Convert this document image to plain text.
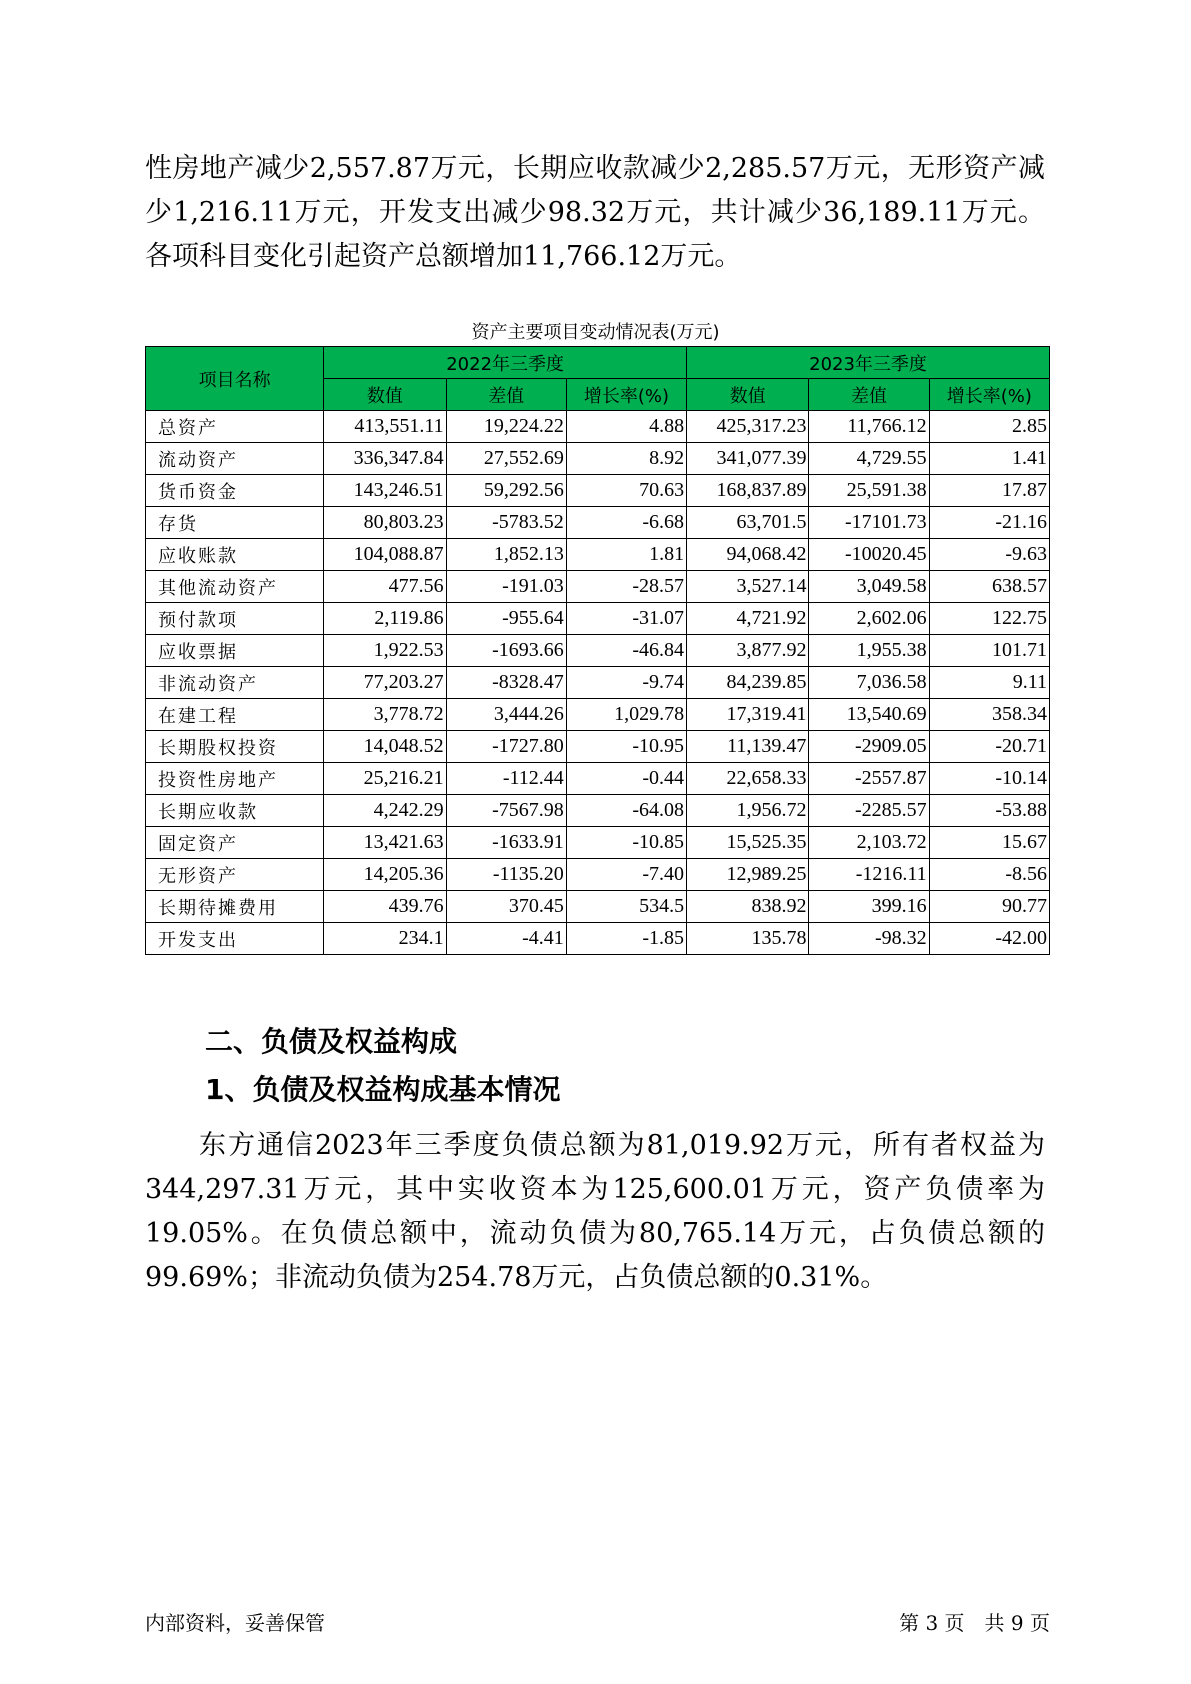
性房地产减少2,557.87万元，长期应收款减少2,285.57万元，无形资产减少1,216.11万元，开发支出减少98.32万元，共计减少36,189.11万元。各项科目变化引起资产总额增加11,766.12万元。

资产主要项目变动情况表(万元)
项目名称	2022年三季度			2023年三季度		
	数值	差值	增长率(%)	数值	差值	增长率(%)
总资产	413,551.11	19,224.22	4.88	425,317.23	11,766.12	2.85
流动资产	336,347.84	27,552.69	8.92	341,077.39	4,729.55	1.41
货币资金	143,246.51	59,292.56	70.63	168,837.89	25,591.38	17.87
存货	80,803.23	-5783.52	-6.68	63,701.5	-17101.73	-21.16
应收账款	104,088.87	1,852.13	1.81	94,068.42	-10020.45	-9.63
其他流动资产	477.56	-191.03	-28.57	3,527.14	3,049.58	638.57
预付款项	2,119.86	-955.64	-31.07	4,721.92	2,602.06	122.75
应收票据	1,922.53	-1693.66	-46.84	3,877.92	1,955.38	101.71
非流动资产	77,203.27	-8328.47	-9.74	84,239.85	7,036.58	9.11
在建工程	3,778.72	3,444.26	1,029.78	17,319.41	13,540.69	358.34
长期股权投资	14,048.52	-1727.80	-10.95	11,139.47	-2909.05	-20.71
投资性房地产	25,216.21	-112.44	-0.44	22,658.33	-2557.87	-10.14
长期应收款	4,242.29	-7567.98	-64.08	1,956.72	-2285.57	-53.88
固定资产	13,421.63	-1633.91	-10.85	15,525.35	2,103.72	15.67
无形资产	14,205.36	-1135.20	-7.40	12,989.25	-1216.11	-8.56
长期待摊费用	439.76	370.45	534.5	838.92	399.16	90.77
开发支出	234.1	-4.41	-1.85	135.78	-98.32	-42.00
二、负债及权益构成
1、负债及权益构成基本情况

东方通信2023年三季度负债总额为81,019.92万元，所有者权益为344,297.31万元，其中实收资本为125,600.01万元，资产负债率为19.05%。在负债总额中，流动负债为80,765.14万元，占负债总额的99.69%；非流动负债为254.78万元，占负债总额的0.31%。

内部资料，妥善保管	第 3 页　共 9 页
